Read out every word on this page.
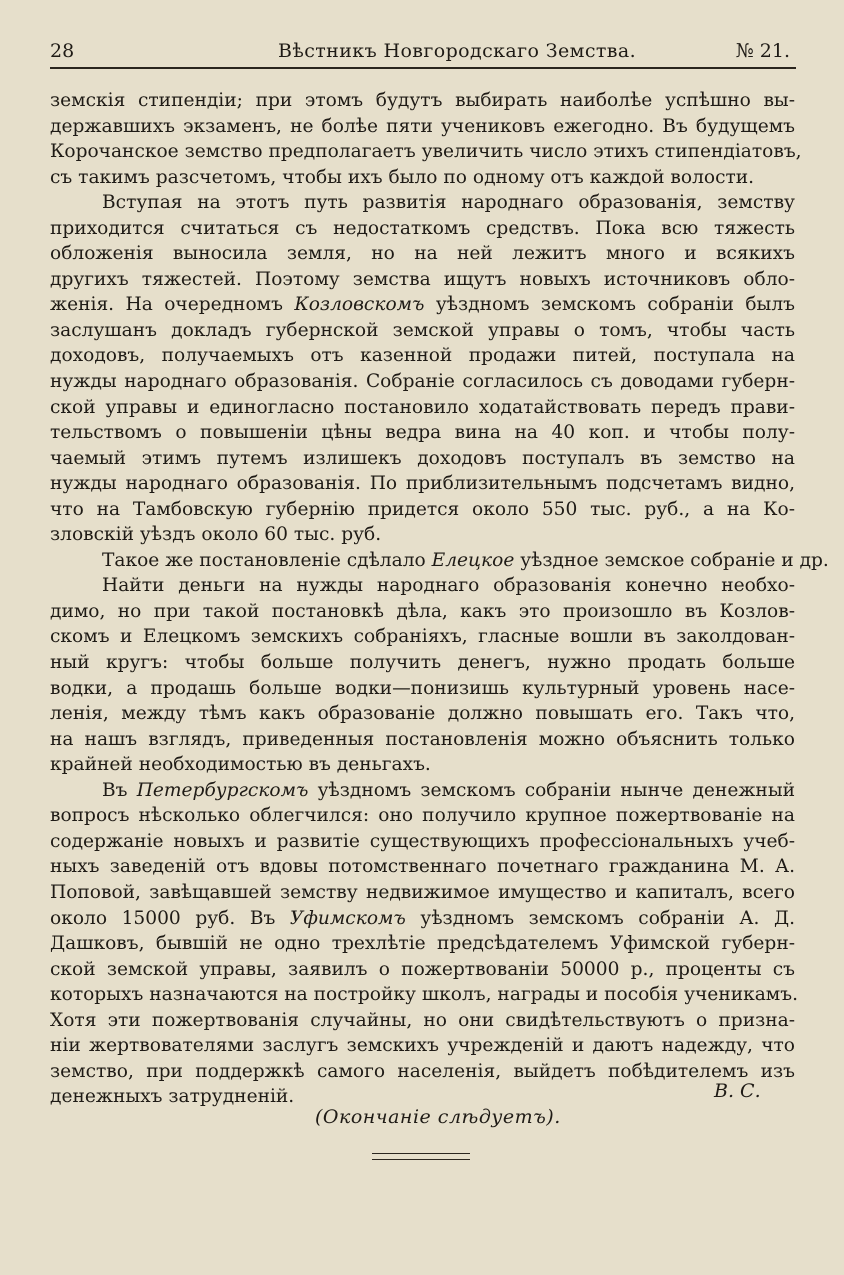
28	Вѣстникъ Новгородскаго Земства.	№ 21.

земскія стипендіи; при этомъ будутъ выбирать наиболѣе успѣшно вы-
державшихъ экзаменъ, не болѣе пяти учениковъ ежегодно. Въ будущемъ
Корочанское земство предполагаетъ увеличить число этихъ стипендіатовъ,
съ такимъ разсчетомъ, чтобы ихъ было по одному отъ каждой волости.

Вступая на этотъ путь развитія народнаго образованія, земству
приходится считаться съ недостаткомъ средствъ. Пока всю тяжесть
обложенія выносила земля, но на ней лежитъ много и всякихъ
другихъ тяжестей. Поэтому земства ищутъ новыхъ источниковъ обло-
женія. На очередномъ Козловскомъ уѣздномъ земскомъ собраніи былъ
заслушанъ докладъ губернской земской управы о томъ, чтобы часть
доходовъ, получаемыхъ отъ казенной продажи питей, поступала на
нужды народнаго образованія. Собраніе согласилось съ доводами губерн-
ской управы и единогласно постановило ходатайствовать передъ прави-
тельствомъ о повышеніи цѣны ведра вина на 40 коп. и чтобы полу-
чаемый этимъ путемъ излишекъ доходовъ поступалъ въ земство на
нужды народнаго образованія. По приблизительнымъ подсчетамъ видно,
что на Тамбовскую губернію придется около 550 тыс. руб., а на Ко-
зловскій уѣздъ около 60 тыс. руб.

Такое же постановленіе сдѣлало Елецкое уѣздное земское собраніе и др.

Найти деньги на нужды народнаго образованія конечно необхо-
димо, но при такой постановкѣ дѣла, какъ это произошло въ Козлов-
скомъ и Елецкомъ земскихъ собраніяхъ, гласные вошли въ заколдован-
ный кругъ: чтобы больше получить денегъ, нужно продать больше
водки, а продашь больше водки—понизишь культурный уровень насе-
ленія, между тѣмъ какъ образованіе должно повышать его. Такъ что,
на нашъ взглядъ, приведенныя постановленія можно объяснить только
крайней необходимостью въ деньгахъ.

Въ Петербургскомъ уѣздномъ земскомъ собраніи нынче денежный
вопросъ нѣсколько облегчился: оно получило крупное пожертвованіе на
содержаніе новыхъ и развитіе существующихъ профессіональныхъ учеб-
ныхъ заведеній отъ вдовы потомственнаго почетнаго гражданина М. А.
Поповой, завѣщавшей земству недвижимое имущество и капиталъ, всего
около 15000 руб. Въ Уфимскомъ уѣздномъ земскомъ собраніи А. Д.
Дашковъ, бывшій не одно трехлѣтіе предсѣдателемъ Уфимской губерн-
ской земской управы, заявилъ о пожертвованіи 50000 р., проценты съ
которыхъ назначаются на постройку школъ, награды и пособія ученикамъ.
Хотя эти пожертвованія случайны, но они свидѣтельствуютъ о призна-
ніи жертвователями заслугъ земскихъ учрежденій и даютъ надежду, что
земство, при поддержкѣ самого населенія, выйдетъ побѣдителемъ изъ
денежныхъ затрудненій.	В. С.
(Окончаніе слѣдуетъ).
